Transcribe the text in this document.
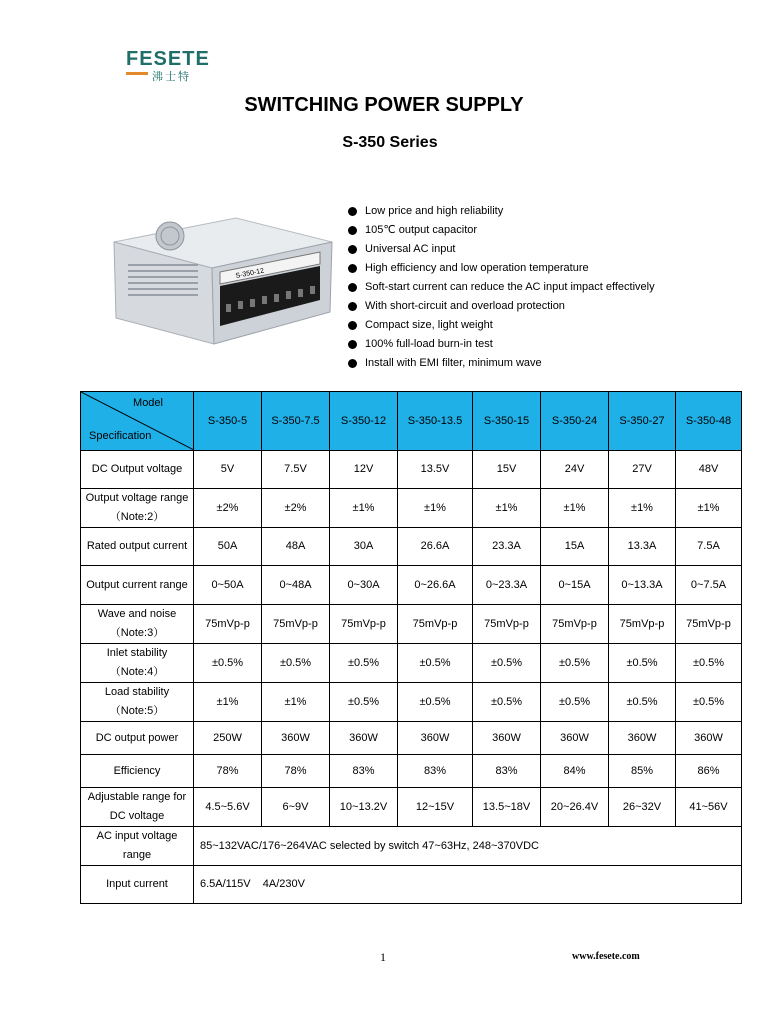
FESETE
沸士特
SWITCHING POWER SUPPLY
S-350 Series
S-350-12
Low price and high reliability
105℃ output capacitor
Universal AC input
High efficiency and low operation temperature
Soft-start current can reduce the AC input impact effectively
With short-circuit and overload protection
Compact size, light weight
100% full-load burn-in test
Install with EMI filter, minimum wave
Model
Specification	S-350-5	S-350-7.5	S-350-12	S-350-13.5	S-350-15	S-350-24	S-350-27	S-350-48
DC Output voltage	5V	7.5V	12V	13.5V	15V	24V	27V	48V
Output voltage range（Note:2）	±2%	±2%	±1%	±1%	±1%	±1%	±1%	±1%
Rated output current	50A	48A	30A	26.6A	23.3A	15A	13.3A	7.5A
Output current range	0~50A	0~48A	0~30A	0~26.6A	0~23.3A	0~15A	0~13.3A	0~7.5A
Wave and noise （Note:3）	75mVp-p	75mVp-p	75mVp-p	75mVp-p	75mVp-p	75mVp-p	75mVp-p	75mVp-p
Inlet stability （Note:4）	±0.5%	±0.5%	±0.5%	±0.5%	±0.5%	±0.5%	±0.5%	±0.5%
Load stability （Note:5）	±1%	±1%	±0.5%	±0.5%	±0.5%	±0.5%	±0.5%	±0.5%
DC output power	250W	360W	360W	360W	360W	360W	360W	360W
Efficiency	78%	78%	83%	83%	83%	84%	85%	86%
Adjustable range for DC voltage	4.5~5.6V	6~9V	10~13.2V	12~15V	13.5~18V	20~26.4V	26~32V	41~56V
AC input voltage range	85~132VAC/176~264VAC selected by switch 47~63Hz, 248~370VDC							
Input current	6.5A/115V    4A/230V							
1	www.fesete.com
